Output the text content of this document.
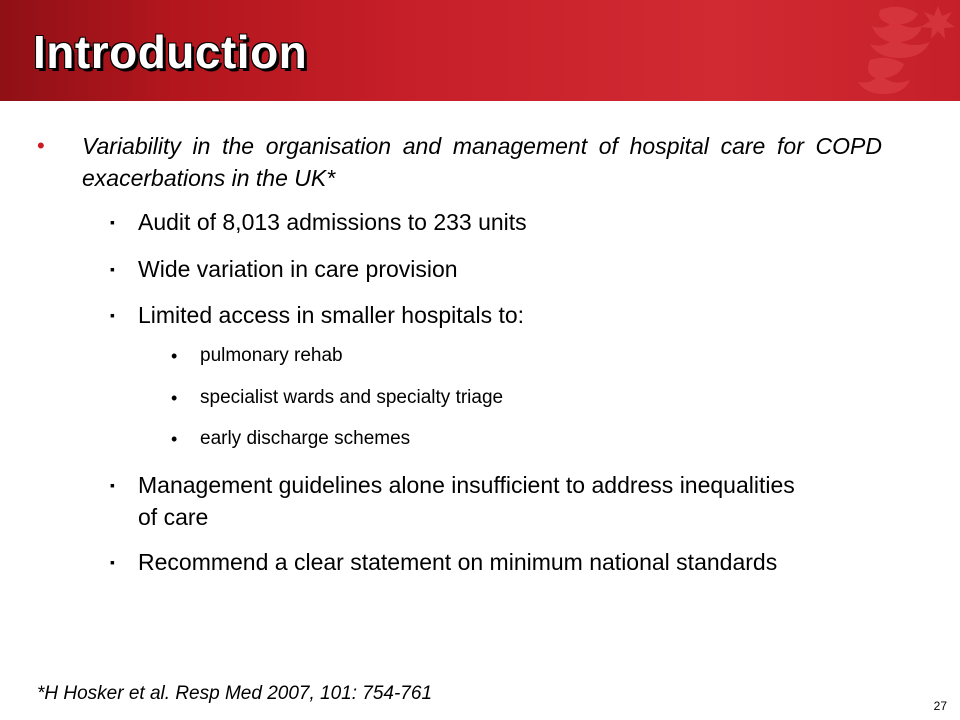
Introduction
•	Variability in the organisation and management of hospital care for COPD exacerbations in the UK*
▪	Audit of 8,013 admissions to 233 units
▪	Wide variation in care provision
▪	Limited access in smaller hospitals to:
•	pulmonary rehab
•	specialist wards and specialty triage
•	early discharge schemes
▪	Management guidelines alone insufficient to address inequalities of care
▪	Recommend a clear statement on minimum national standards

*H Hosker et al. Resp Med 2007, 101: 754-761

27
